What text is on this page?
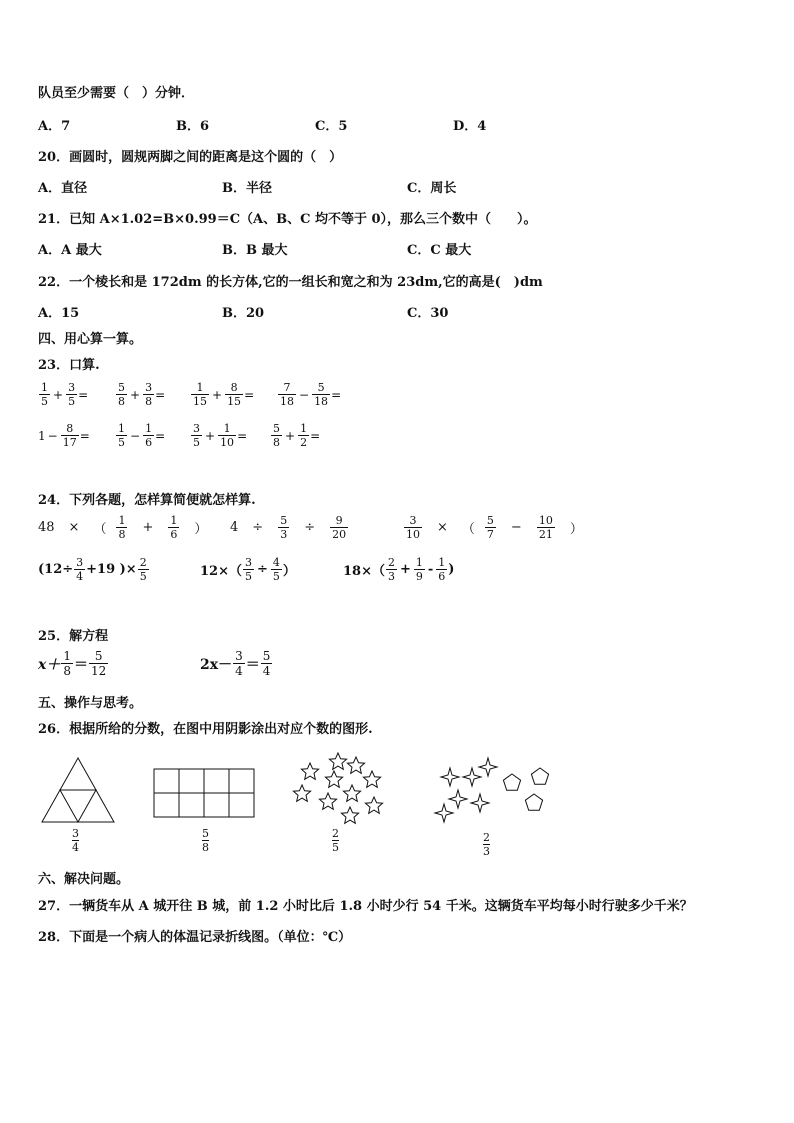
队员至少需要（　）分钟．
A．7	B．6	C．5	D．4
20．画圆时，圆规两脚之间的距离是这个圆的（　）
A．直径	B．半径	C．周长
21．已知 A×1.02=B×0.99＝C（A、B、C 均不等于 0），那么三个数中（　　）。
A．A 最大	B．B 最大	C．C 最大
22．一个棱长和是 172dm 的长方体,它的一组长和宽之和为 23dm,它的高是(　)dm
A．15	B．20	C．30
四、用心算一算。
23．口算.
$\frac{1}{5} + \frac{3}{5}$ =	$\frac{5}{8} + \frac{3}{8} = \frac{1}{15} + \frac{8}{15} = \frac{7}{18} - \frac{5}{18}$ =
$1 - \frac{8}{17} = \frac{1}{5} - \frac{1}{6} = \frac{3}{5} + \frac{1}{10} = \frac{5}{8} + \frac{1}{2}$ =
24．下列各题，怎样算简便就怎样算.
48 × （ $\frac{1}{8} + \frac{1}{6}$ ） $4 \div \frac{5}{3} \div \frac{9}{20}$	$\frac{3}{10}$ × （ $\frac{5}{7} - \frac{10}{21}$ ）
($12\div \frac{3}{4} +19$ )× $\frac{2}{5}$	$12\times( \frac{3}{5} \div \frac{4}{5}$ ）	$18\times( \frac{2}{3} + \frac{1}{9} - \frac{1}{6}$ )
25．解方程
$x+ \frac{1}{8} = \frac{5}{12}$	$2x- \frac{3}{4} = \frac{5}{4}$
五、操作与思考。
26．根据所给的分数，在图中用阴影涂出对应个数的图形.
3
4
5
8
2
5
2
3
六、解决问题。
27．一辆货车从 A 城开往 B 城，前 1.2 小时比后 1.8 小时少行 54 千米。这辆货车平均每小时行驶多少千米？
28．下面是一个病人的体温记录折线图。（单位：℃）
